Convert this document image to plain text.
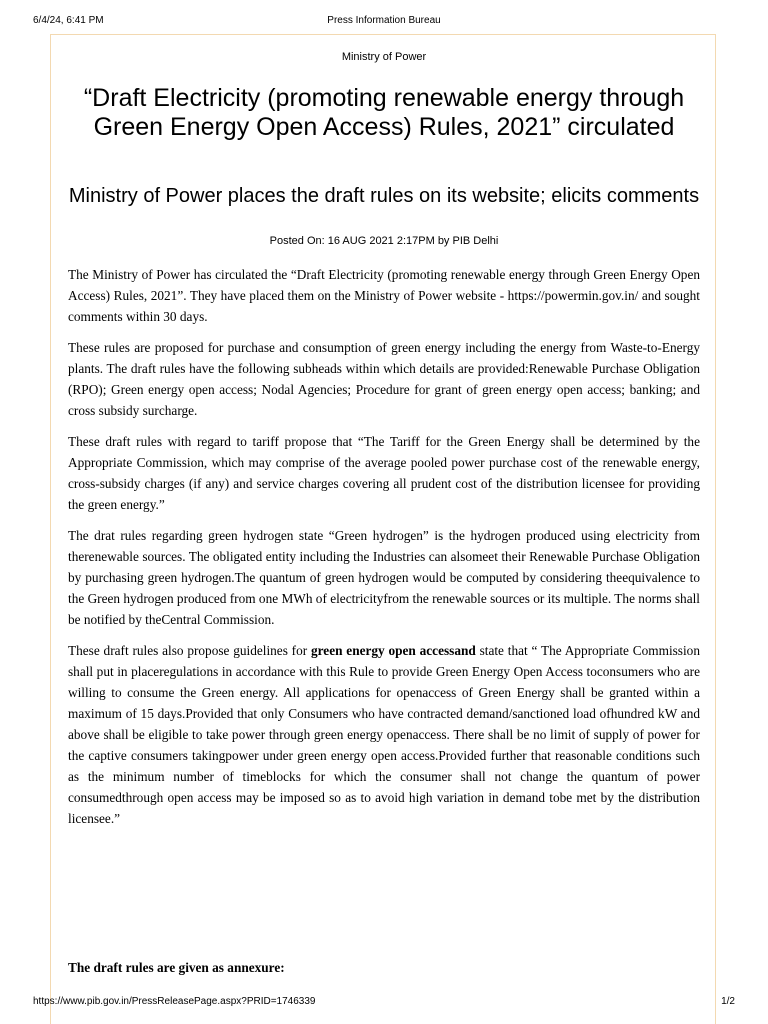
6/4/24, 6:41 PM	Press Information Bureau
Ministry of Power
“Draft Electricity (promoting renewable energy through Green Energy Open Access) Rules, 2021” circulated
Ministry of Power places the draft rules on its website; elicits comments
Posted On: 16 AUG 2021 2:17PM by PIB Delhi

The Ministry of Power has circulated the “Draft Electricity (promoting renewable energy through Green Energy Open Access) Rules, 2021”. They have placed them on the Ministry of Power website - https://powermin.gov.in/ and sought comments within 30 days.

These rules are proposed for purchase and consumption of green energy including the energy from Waste-to-Energy plants. The draft rules have the following subheads within which details are provided:Renewable Purchase Obligation (RPO); Green energy open access; Nodal Agencies; Procedure for grant of green energy open access; banking; and cross subsidy surcharge.

These draft rules with regard to tariff propose that “The Tariff for the Green Energy shall be determined by the Appropriate Commission, which may comprise of the average pooled power purchase cost of the renewable energy, cross-subsidy charges (if any) and service charges covering all prudent cost of the distribution licensee for providing the green energy.”

The drat rules regarding green hydrogen state “Green hydrogen” is the hydrogen produced using electricity from therenewable sources. The obligated entity including the Industries can alsomeet their Renewable Purchase Obligation by purchasing green hydrogen.The quantum of green hydrogen would be computed by considering theequivalence to the Green hydrogen produced from one MWh of electricityfrom the renewable sources or its multiple. The norms shall be notified by theCentral Commission.

These draft rules also propose guidelines for green energy open accessand state that “ The Appropriate Commission shall put in placeregulations in accordance with this Rule to provide Green Energy Open Access toconsumers who are willing to consume the Green energy. All applications for openaccess of Green Energy shall be granted within a maximum of 15 days.Provided that only Consumers who have contracted demand/sanctioned load ofhundred kW and above shall be eligible to take power through green energy openaccess. There shall be no limit of supply of power for the captive consumers takingpower under green energy open access.Provided further that reasonable conditions such as the minimum number of timeblocks for which the consumer shall not change the quantum of power consumedthrough open access may be imposed so as to avoid high variation in demand tobe met by the distribution licensee.”

The draft rules are given as annexure:
https://www.pib.gov.in/PressReleasePage.aspx?PRID=1746339	1/2
